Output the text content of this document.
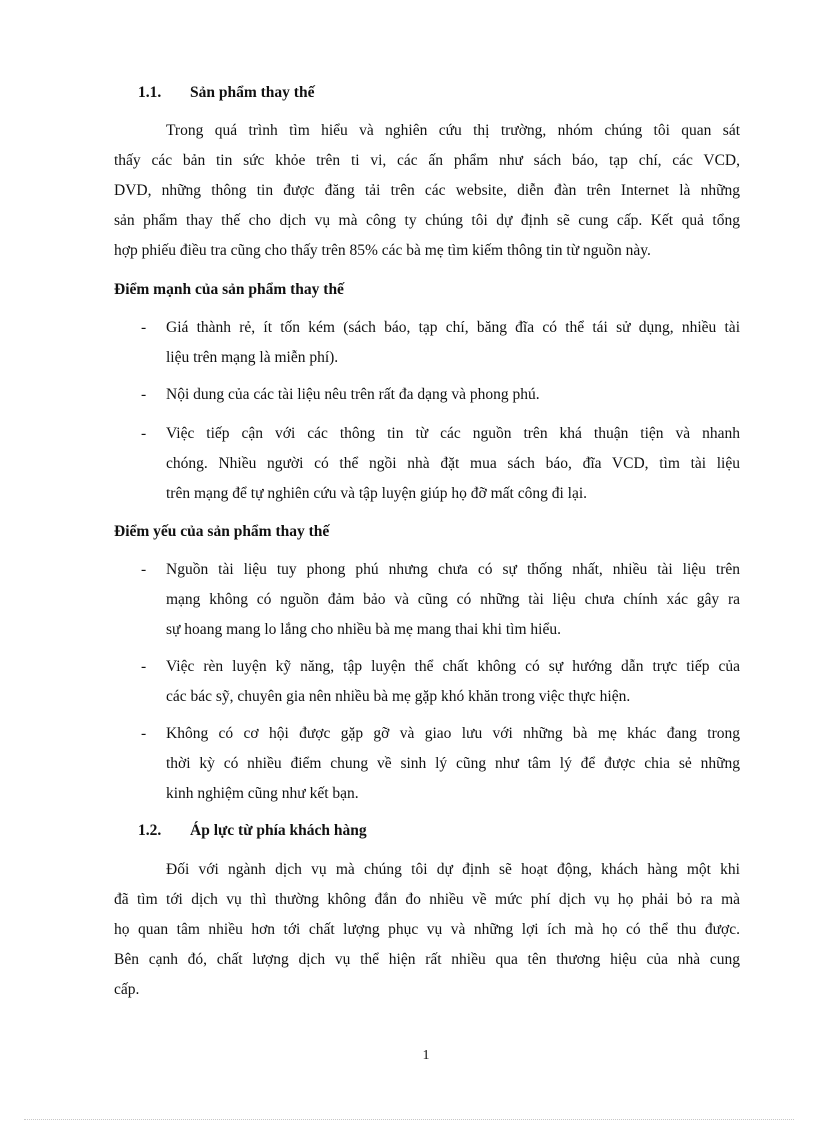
1.1. Sản phẩm thay thế
Trong quá trình tìm hiểu và nghiên cứu thị trường, nhóm chúng tôi quan sát
thấy các bản tin sức khỏe trên ti vi, các ấn phẩm như sách báo, tạp chí, các VCD,
DVD, những thông tin được đăng tải trên các website, diễn đàn trên Internet là những
sản phẩm thay thế cho dịch vụ mà công ty chúng tôi dự định sẽ cung cấp. Kết quả tổng
hợp phiếu điều tra cũng cho thấy trên 85% các bà mẹ tìm kiếm thông tin từ nguồn này.
Điểm mạnh của sản phẩm thay thế
- Giá thành rẻ, ít tốn kém (sách báo, tạp chí, băng đĩa có thể tái sử dụng, nhiều tài
liệu trên mạng là miễn phí).
- Nội dung của các tài liệu nêu trên rất đa dạng và phong phú.
- Việc tiếp cận với các thông tin từ các nguồn trên khá thuận tiện và nhanh
chóng. Nhiều người có thể ngồi nhà đặt mua sách báo, đĩa VCD, tìm tài liệu
trên mạng để tự nghiên cứu và tập luyện giúp họ đỡ mất công đi lại.
Điểm yếu của sản phẩm thay thế
- Nguồn tài liệu tuy phong phú nhưng chưa có sự thống nhất, nhiều tài liệu trên
mạng không có nguồn đảm bảo và cũng có những tài liệu chưa chính xác gây ra
sự hoang mang lo lắng cho nhiều bà mẹ mang thai khi tìm hiểu.
- Việc rèn luyện kỹ năng, tập luyện thể chất không có sự hướng dẫn trực tiếp của
các bác sỹ, chuyên gia nên nhiều bà mẹ gặp khó khăn trong việc thực hiện.
- Không có cơ hội được gặp gỡ và giao lưu với những bà mẹ khác đang trong
thời kỳ có nhiều điểm chung về sinh lý cũng như tâm lý để được chia sẻ những
kinh nghiệm cũng như kết bạn.
1.2. Áp lực từ phía khách hàng
Đối với ngành dịch vụ mà chúng tôi dự định sẽ hoạt động, khách hàng một khi
đã tìm tới dịch vụ thì thường không đắn đo nhiều về mức phí dịch vụ họ phải bỏ ra mà
họ quan tâm nhiều hơn tới chất lượng phục vụ và những lợi ích mà họ có thể thu được.
Bên cạnh đó, chất lượng dịch vụ thể hiện rất nhiều qua tên thương hiệu của nhà cung
cấp.
1
